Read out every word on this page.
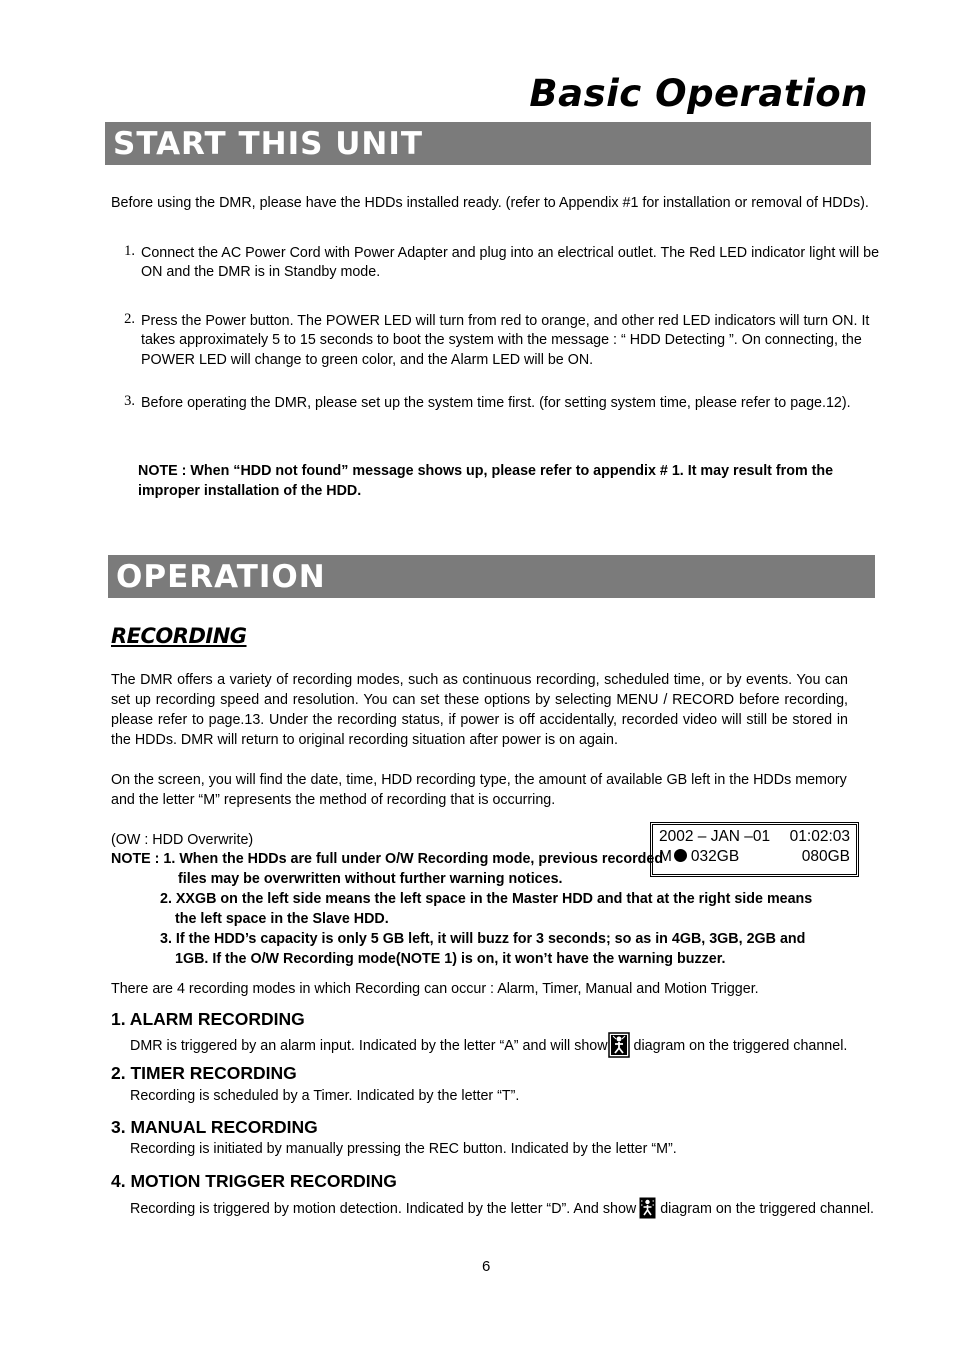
Basic Operation
START THIS UNIT
Before using the DMR, please have the HDDs installed ready. (refer to Appendix #1 for installation or removal of HDDs).
1. Connect the AC Power Cord with Power Adapter and plug into an electrical outlet. The Red LED indicator light will be
ON and the DMR is in Standby mode.
2. Press the Power button. The POWER LED will turn from red to orange, and other red LED indicators will turn ON. It
takes approximately 5 to 15 seconds to boot the system with the message : “ HDD Detecting ”. On connecting, the
POWER LED will change to green color, and the Alarm LED will be ON.
3. Before operating the DMR, please set up the system time first. (for setting system time, please refer to page.12).
NOTE : When “HDD not found” message shows up, please refer to appendix # 1. It may result from the
improper installation of the HDD.
OPERATION
RECORDING
The DMR offers a variety of recording modes, such as continuous recording, scheduled time, or by events. You can set up recording speed and resolution. You can set these options by selecting MENU / RECORD before recording, please refer to page.13. Under the recording status, if power is off accidentally, recorded video will still be stored in the HDDs. DMR will return to original recording situation after power is on again.
On the screen, you will find the date, time, HDD recording type, the amount of available GB left in the HDDs memory and the letter “M” represents the method of recording that is occurring.
2002 – JAN –01 01:02:03
M 032GB	080GB
(OW : HDD Overwrite)
NOTE : 1. When the HDDs are full under O/W Recording mode, previous recorded
files may be overwritten without further warning notices.
2. XXGB on the left side means the left space in the Master HDD and that at the right side means
the left space in the Slave HDD.
3. If the HDD’s capacity is only 5 GB left, it will buzz for 3 seconds; so as in 4GB, 3GB, 2GB and
1GB. If the O/W Recording mode(NOTE 1) is on, it won’t have the warning buzzer.
There are 4 recording modes in which Recording can occur : Alarm, Timer, Manual and Motion Trigger.
1. ALARM RECORDING
DMR is triggered by an alarm input. Indicated by the letter “A” and will show diagram on the triggered channel.
2. TIMER RECORDING
Recording is scheduled by a Timer. Indicated by the letter “T”.
3. MANUAL RECORDING
Recording is initiated by manually pressing the REC button. Indicated by the letter “M”.
4. MOTION TRIGGER RECORDING
Recording is triggered by motion detection. Indicated by the letter “D”. And show diagram on the triggered channel.
6
